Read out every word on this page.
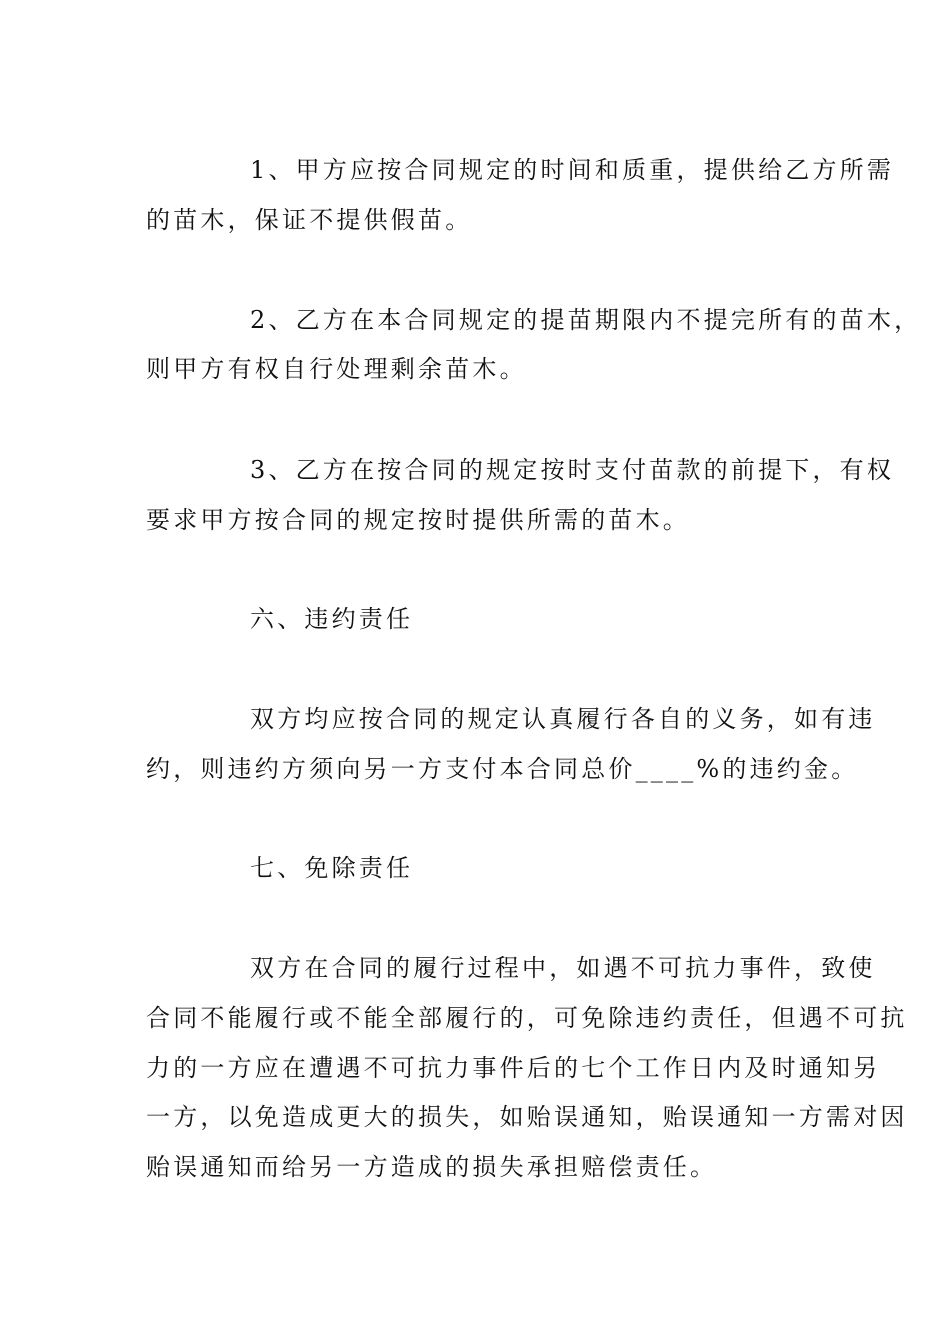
1、甲方应按合同规定的时间和质重，提供给乙方所需
的苗木，保证不提供假苗。
2、乙方在本合同规定的提苗期限内不提完所有的苗木，
则甲方有权自行处理剩余苗木。
3、乙方在按合同的规定按时支付苗款的前提下，有权
要求甲方按合同的规定按时提供所需的苗木。
六、违约责任
双方均应按合同的规定认真履行各自的义务，如有违
约，则违约方须向另一方支付本合同总价____%的违约金。
七、免除责任
双方在合同的履行过程中，如遇不可抗力事件，致使
合同不能履行或不能全部履行的，可免除违约责任，但遇不可抗
力的一方应在遭遇不可抗力事件后的七个工作日内及时通知另
一方，以免造成更大的损失，如贻误通知，贻误通知一方需对因
贻误通知而给另一方造成的损失承担赔偿责任。
